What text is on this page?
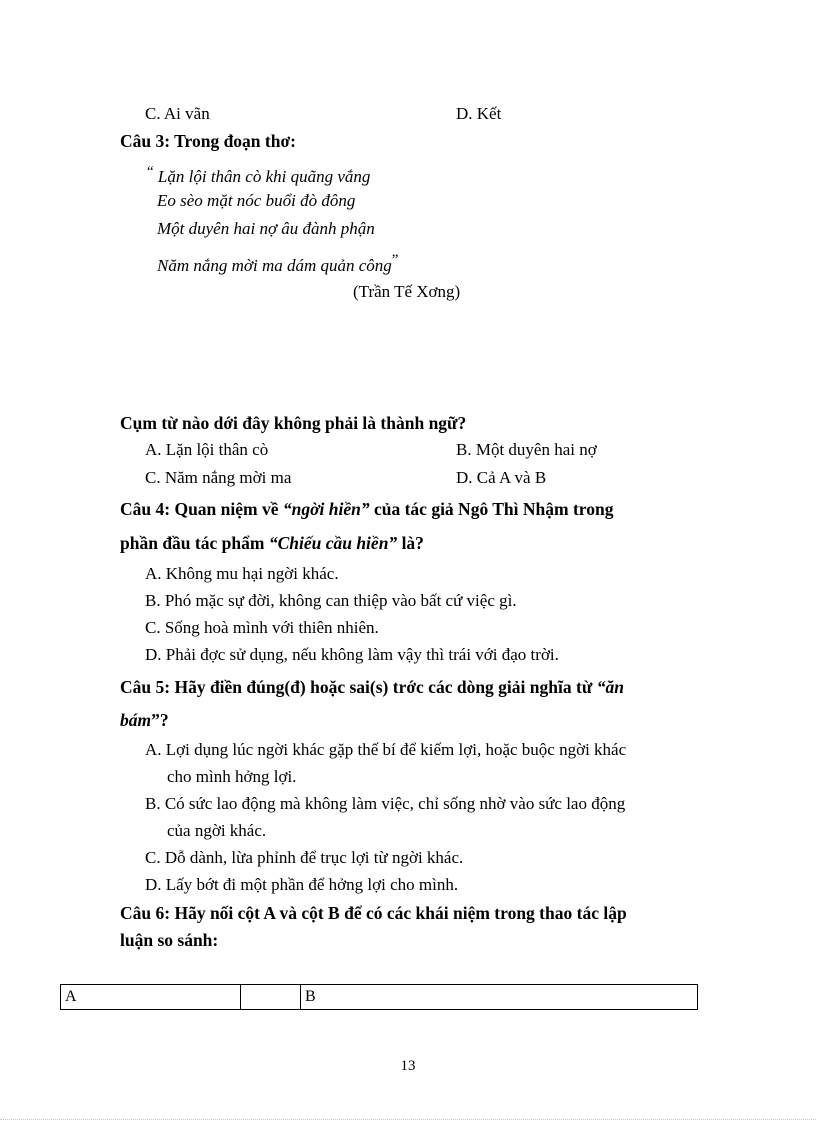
C. Ai vãn	D. Kết
Câu 3: Trong đoạn thơ:
“ Lặn lội thân cò khi quãng vắng
Eo sèo mặt nóc buổi đò đông
Một duyên hai nợ âu đành phận
Năm nắng mời ma dám quản công”
(Trần Tế Xơng)
Cụm từ nào dới đây không phải là thành ngữ?
A. Lặn lội thân cò	B. Một duyên hai nợ
C. Năm nắng mời ma	D. Cả A và B
Câu 4: Quan niệm về “ngời hiền” của tác giả Ngô Thì Nhậm trong
phần đầu tác phẩm “Chiếu cầu hiền” là?
A. Không mu hại ngời khác.
B. Phó mặc sự đời, không can thiệp vào bất cứ việc gì.
C. Sống hoà mình với thiên nhiên.
D. Phải đợc sử dụng, nếu không làm vậy thì trái với đạo trời.
Câu 5: Hãy điền đúng(đ) hoặc sai(s) trớc các dòng giải nghĩa từ “ăn
bám”?
A. Lợi dụng lúc ngời khác gặp thế bí để kiếm lợi, hoặc buộc ngời khác
cho mình hởng lợi.
B. Có sức lao động mà không làm việc, chỉ sống nhờ vào sức lao động
của ngời khác.
C. Dỗ dành, lừa phỉnh để trục lợi từ ngời khác.
D. Lấy bớt đi một phần để hởng lợi cho mình.
Câu 6: Hãy nối cột A và cột B để có các khái niệm trong thao tác lập
luận so sánh:
A		B
13
